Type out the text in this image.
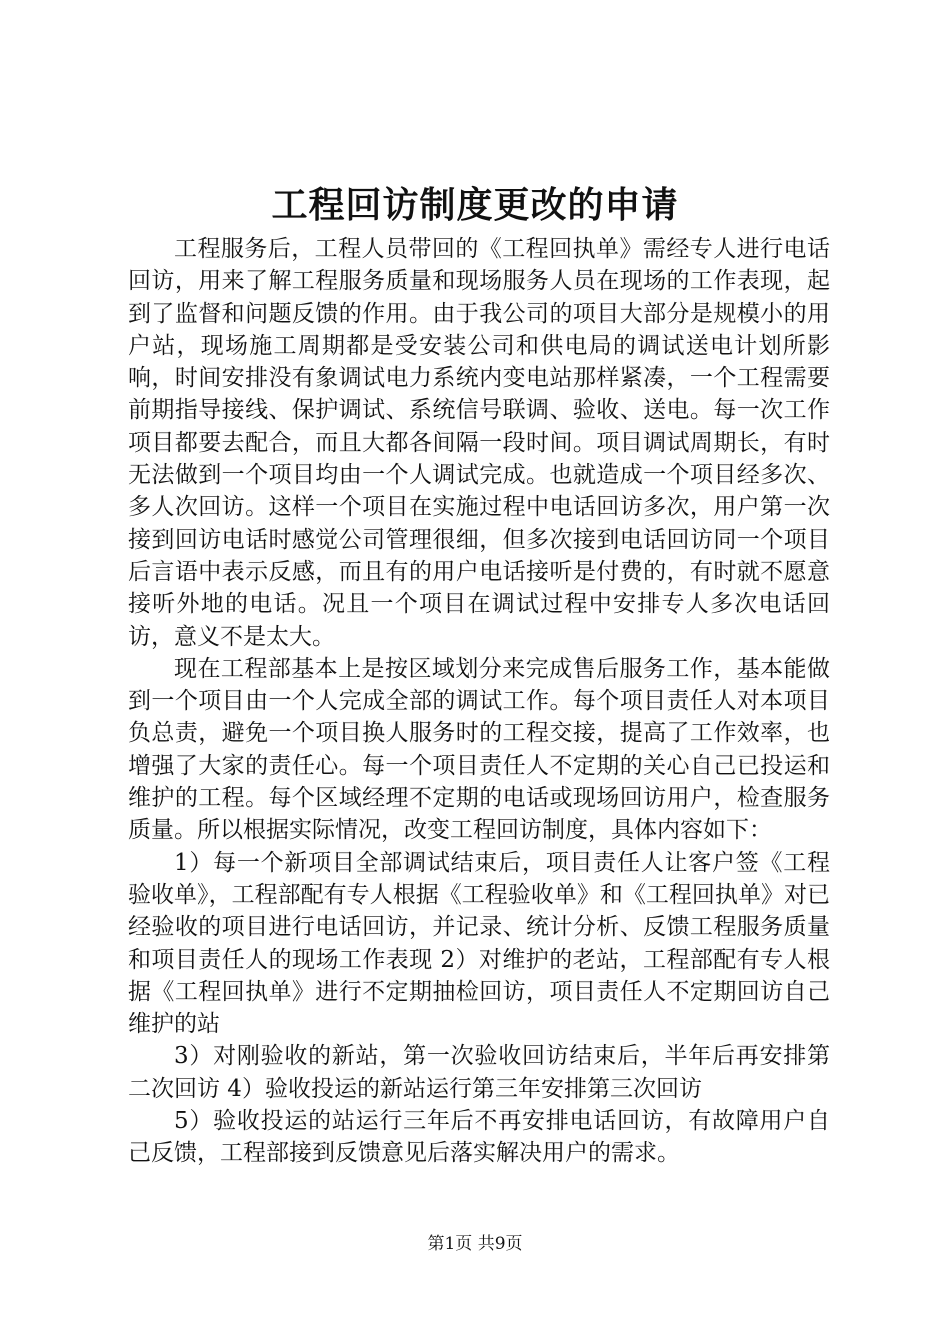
工程回访制度更改的申请

工程服务后，工程人员带回的《工程回执单》需经专人进行电话回访，用来了解工程服务质量和现场服务人员在现场的工作表现，起到了监督和问题反馈的作用。由于我公司的项目大部分是规模小的用户站，现场施工周期都是受安装公司和供电局的调试送电计划所影响，时间安排没有象调试电力系统内变电站那样紧凑，一个工程需要前期指导接线、保护调试、系统信号联调、验收、送电。每一次工作项目都要去配合，而且大都各间隔一段时间。项目调试周期长，有时无法做到一个项目均由一个人调试完成。也就造成一个项目经多次、多人次回访。这样一个项目在实施过程中电话回访多次，用户第一次接到回访电话时感觉公司管理很细，但多次接到电话回访同一个项目后言语中表示反感，而且有的用户电话接听是付费的，有时就不愿意接听外地的电话。况且一个项目在调试过程中安排专人多次电话回访，意义不是太大。

现在工程部基本上是按区域划分来完成售后服务工作，基本能做到一个项目由一个人完成全部的调试工作。每个项目责任人对本项目负总责，避免一个项目换人服务时的工程交接，提高了工作效率，也增强了大家的责任心。每一个项目责任人不定期的关心自己已投运和维护的工程。每个区域经理不定期的电话或现场回访用户，检查服务质量。所以根据实际情况，改变工程回访制度，具体内容如下：

1）每一个新项目全部调试结束后，项目责任人让客户签《工程验收单》，工程部配有专人根据《工程验收单》和《工程回执单》对已经验收的项目进行电话回访，并记录、统计分析、反馈工程服务质量和项目责任人的现场工作表现 2）对维护的老站，工程部配有专人根据《工程回执单》进行不定期抽检回访，项目责任人不定期回访自己维护的站

3）对刚验收的新站，第一次验收回访结束后，半年后再安排第二次回访 4）验收投运的新站运行第三年安排第三次回访

5）验收投运的站运行三年后不再安排电话回访，有故障用户自己反馈，工程部接到反馈意见后落实解决用户的需求。

第1页 共9页
